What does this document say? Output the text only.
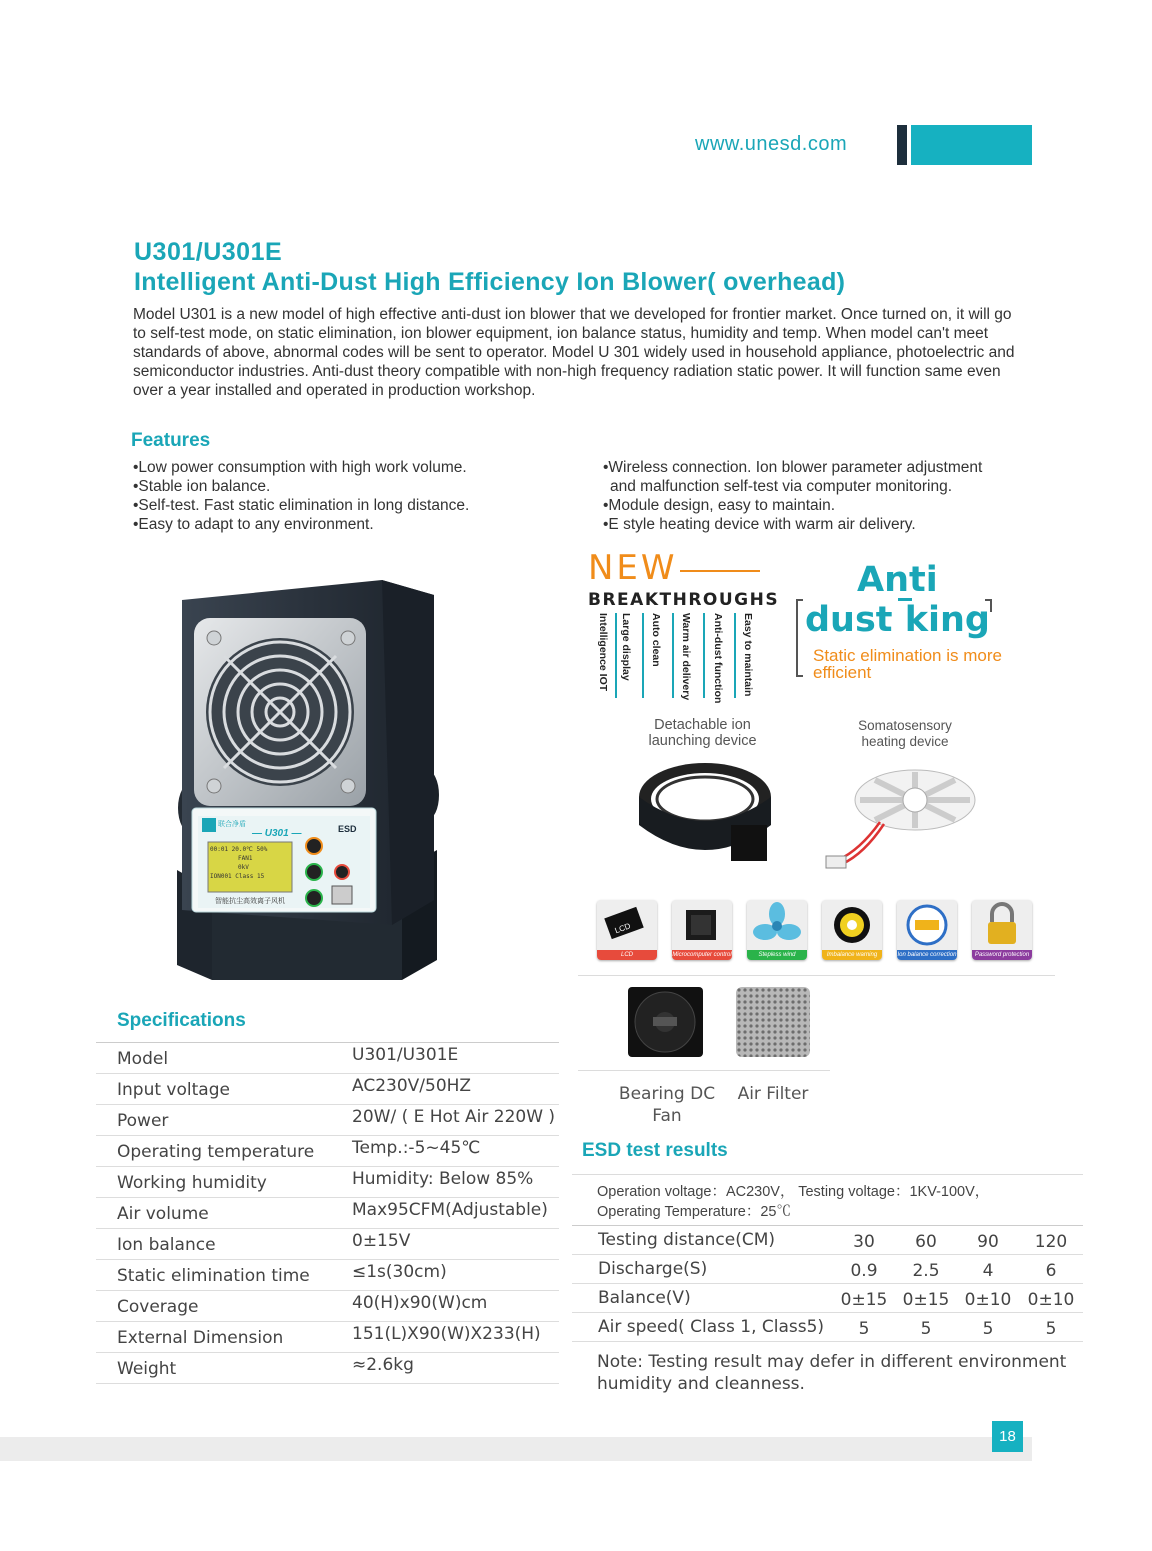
www.unesd.com
U301/U301E
Intelligent Anti-Dust High Efficiency Ion Blower( overhead)
Model U301 is a new model of high effective anti-dust ion blower that we developed for frontier market. Once turned on, it will go to self-test mode, on static elimination, ion blower equipment, ion balance status, humidity and temp. When model can't meet standards of above, abnormal codes will be sent to operator. Model U 301 widely used in household appliance, photoelectric and semiconductor industries. Anti-dust theory compatible with non-high frequency radiation static power. It will function same even over a year installed and operated in production workshop.
Features
•Low power consumption with high work volume.
•Stable ion balance.
•Self-test. Fast static elimination in long distance.
•Easy to adapt to any environment.
•Wireless connection. Ion blower parameter adjustment
and malfunction self-test via computer monitoring.
•Module design, easy to maintain.
•E style heating device with warm air delivery.
联合净盾
— U301 —	ESD
00:01 20.0℃ 50%
FAN1
0kV
ION001 Class 15
智能抗尘高效离子风机
NEW
BREAKTHROUGHS
Intelligence IOT Large display Auto clean Warm air delivery Anti-dust function Easy to maintain
Anti
dust king
Static elimination is more efficient
Detachable ion launching device
Somatosensory heating device
LCD
LCD	Microcomputer control	Stepless wind	Imbalance warning	Ion balance correction	Password protection
Bearing DC Fan
Air Filter
Specifications
Model	U301/U301E
Input voltage	AC230V/50HZ
Power	20W/ ( E Hot Air 220W )
Operating temperature Temp.:-5~45℃
Working humidity	Humidity: Below 85%
Air volume	Max95CFM(Adjustable)
Ion balance	0±15V
Static elimination time ≤1s(30cm)
Coverage	40(H)x90(W)cm
External Dimension	151(L)X90(W)X233(H)
Weight	≈2.6kg
ESD test results
Operation voltage：AC230V， Testing voltage：1KV-100V，
Operating Temperature：25℃
Testing distance(CM)	30	60	90	120
Discharge(S)	0.9	2.5	4	6
Balance(V)	0±15 0±15 0±10 0±10
Air speed( Class 1, Class5)	5	5	5	5
Note: Testing result may defer in different environment humidity and cleanness.
18
